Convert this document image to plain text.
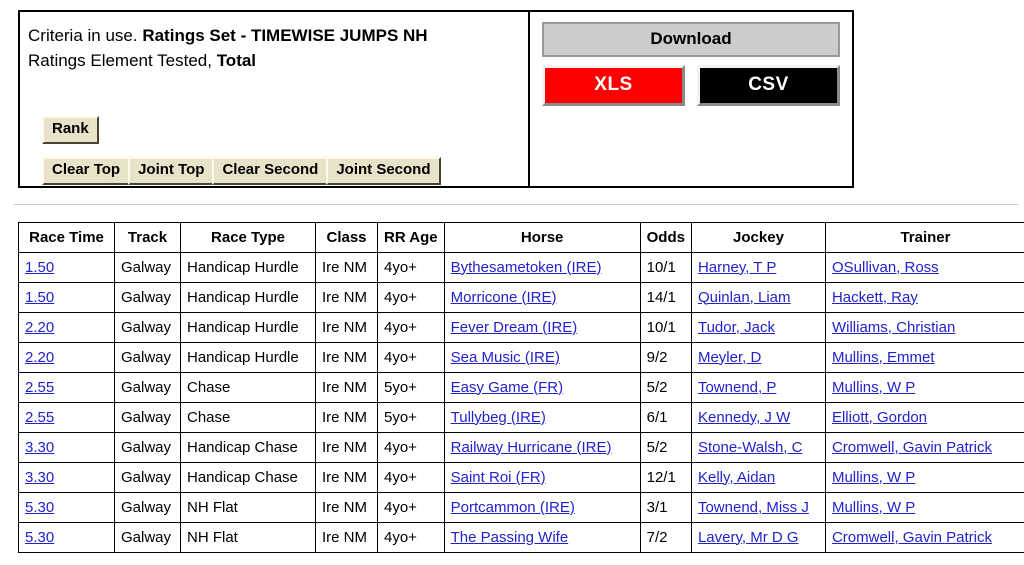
Criteria in use. Ratings Set - TIMEWISE JUMPS NH
Ratings Element Tested, Total
Rank
Clear Top	Joint Top	Clear Second	Joint Second
Download
XLS	CSV
Race Time	Track	Race Type	Class	RR Age	Horse	Odds	Jockey	Trainer
1.50	Galway	Handicap Hurdle	Ire NM	4yo+	Bythesametoken (IRE)	10/1	Harney, T P	OSullivan, Ross
1.50	Galway	Handicap Hurdle	Ire NM	4yo+	Morricone (IRE)	14/1	Quinlan, Liam	Hackett, Ray
2.20	Galway	Handicap Hurdle	Ire NM	4yo+	Fever Dream (IRE)	10/1	Tudor, Jack	Williams, Christian
2.20	Galway	Handicap Hurdle	Ire NM	4yo+	Sea Music (IRE)	9/2	Meyler, D	Mullins, Emmet
2.55	Galway	Chase	Ire NM	5yo+	Easy Game (FR)	5/2	Townend, P	Mullins, W P
2.55	Galway	Chase	Ire NM	5yo+	Tullybeg (IRE)	6/1	Kennedy, J W	Elliott, Gordon
3.30	Galway	Handicap Chase	Ire NM	4yo+	Railway Hurricane (IRE)	5/2	Stone-Walsh, C	Cromwell, Gavin Patrick
3.30	Galway	Handicap Chase	Ire NM	4yo+	Saint Roi (FR)	12/1	Kelly, Aidan	Mullins, W P
5.30	Galway	NH Flat	Ire NM	4yo+	Portcammon (IRE)	3/1	Townend, Miss J	Mullins, W P
5.30	Galway	NH Flat	Ire NM	4yo+	The Passing Wife	7/2	Lavery, Mr D G	Cromwell, Gavin Patrick
